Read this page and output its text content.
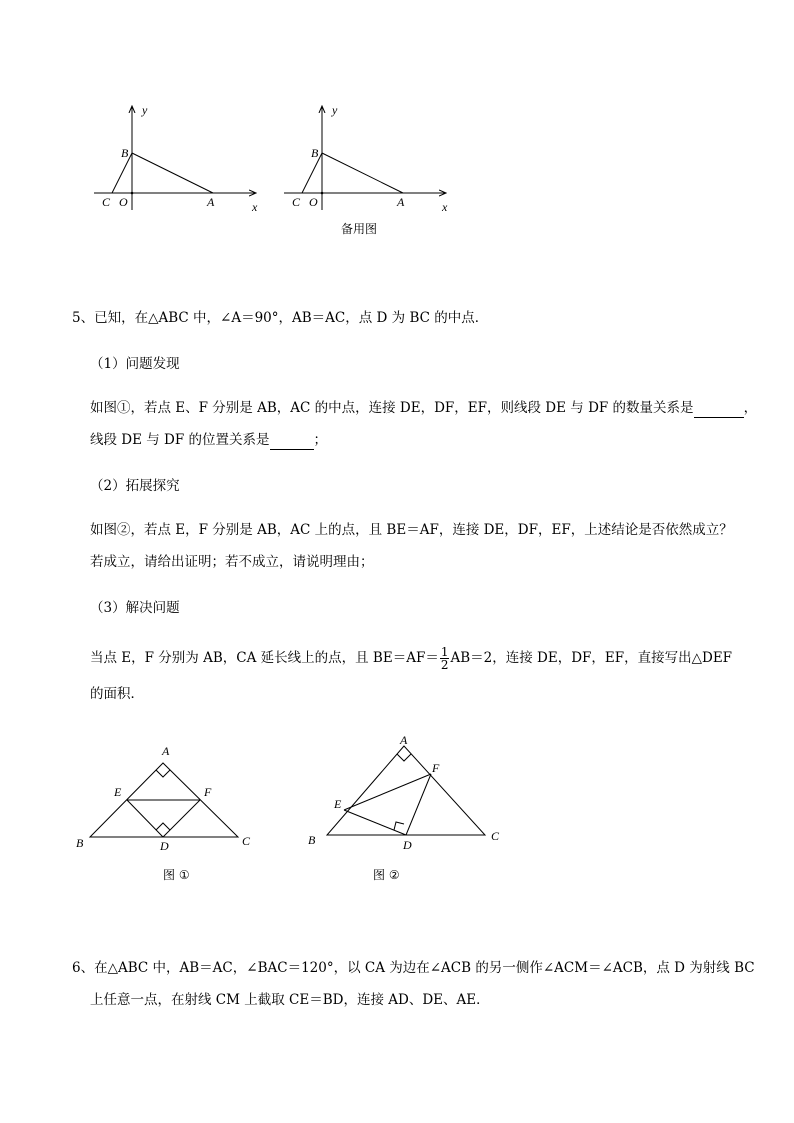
y
B
C O	A	x
y
B
C O	A	x
备用图
5、已知，在△ABC 中，∠A＝90°，AB＝AC，点 D 为 BC 的中点．
（1）问题发现
如图①，若点 E、F 分别是 AB，AC 的中点，连接 DE，DF，EF，则线段 DE 与 DF 的数量关系是	，
线段 DE 与 DF 的位置关系是	；
（2）拓展探究
如图②，若点 E，F 分别是 AB，AC 上的点，且 BE＝AF，连接 DE，DF，EF，上述结论是否依然成立？
若成立，请给出证明；若不成立，请说明理由；
（3）解决问题
当点 E，F 分别为 AB，CA 延长线上的点，且 $BE=AF= \frac{1}{2} AB=2$，连接 DE，DF，EF，直接写出△DEF
的面积．
A
E	F
B	D	C
图 ①
A
F
E
B	D
C
图 ②
6、在△ABC 中，AB＝AC，∠BAC＝120°，以 CA 为边在∠ACB 的另一侧作∠ACM＝∠ACB，点 D 为射线 BC
上任意一点，在射线 CM 上截取 CE＝BD，连接 AD、DE、AE．
